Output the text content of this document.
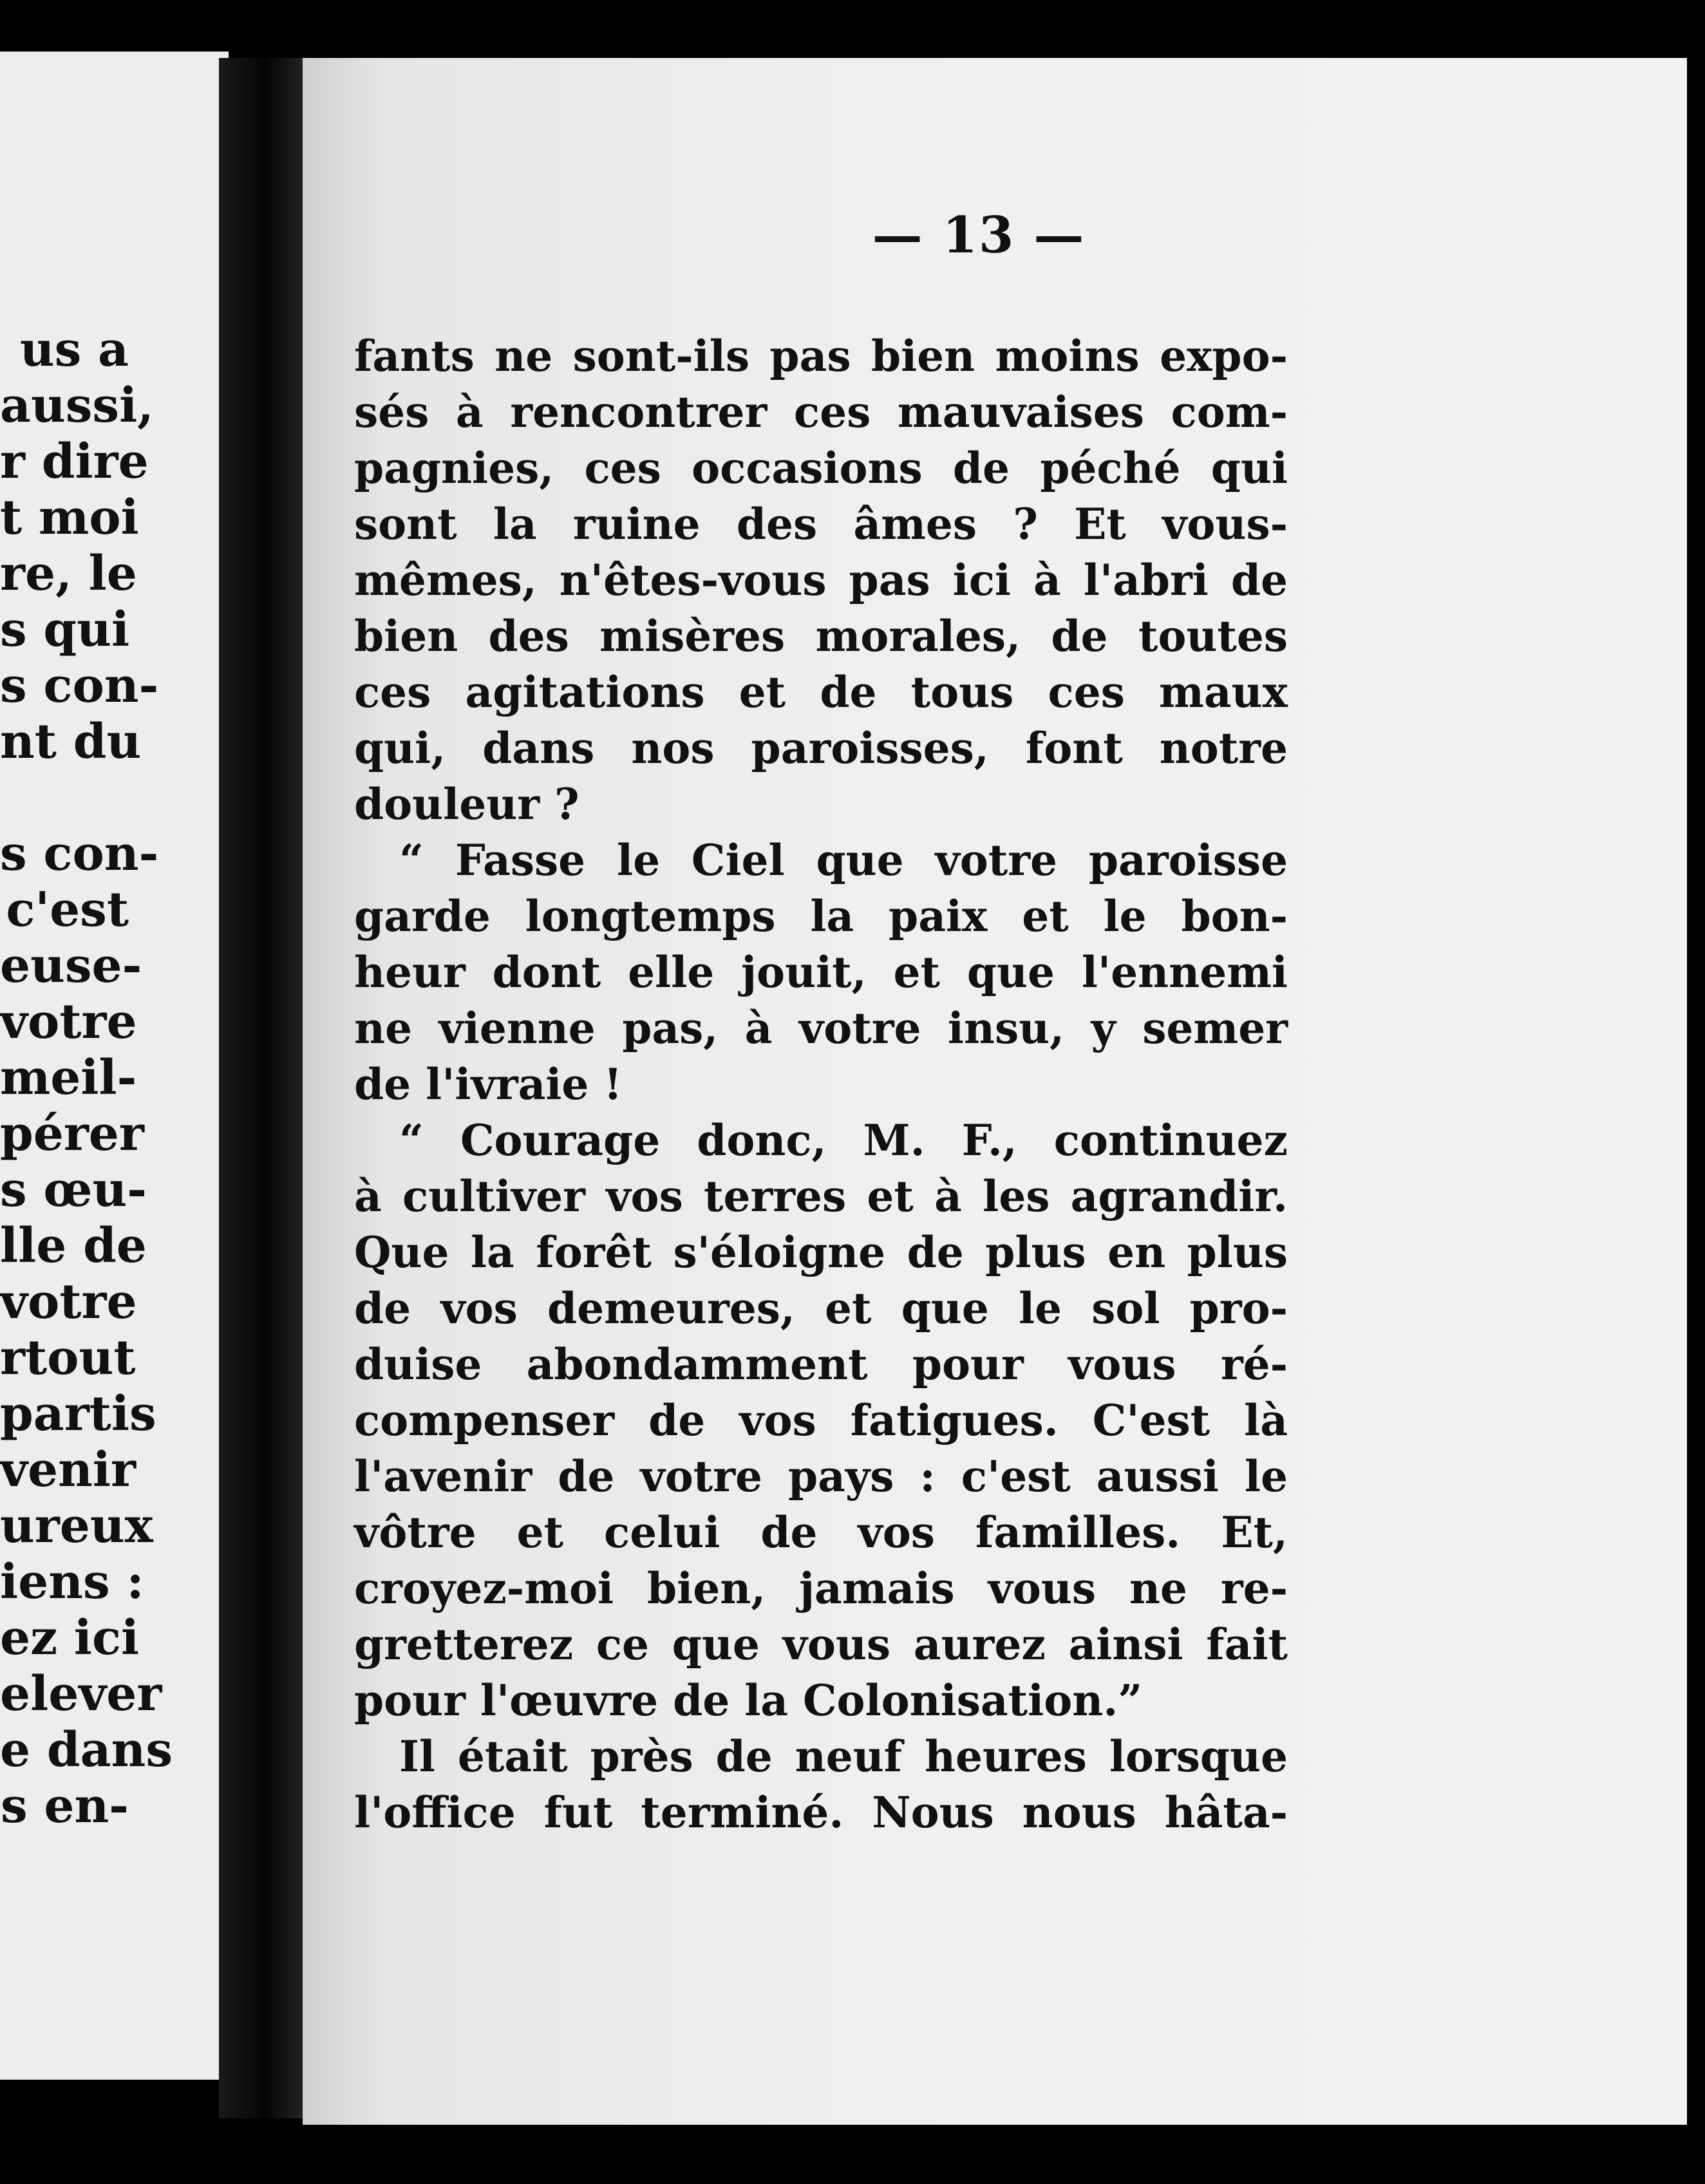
us a
aussi,
r dire
t moi
re, le
s qui
s con-
nt du
s con-
c'est
euse-
votre
meil-
pérer
s œu-
lle de
votre
rtout
partis
venir
ureux
iens :
ez ici
elever
e dans
s en-
— 13 —
fants ne sont-ils pas bien moins expo-
sés à rencontrer ces mauvaises com-
pagnies, ces occasions de péché qui
sont la ruine des âmes ? Et vous-
mêmes, n'êtes-vous pas ici à l'abri de
bien des misères morales, de toutes
ces agitations et de tous ces maux
qui, dans nos paroisses, font notre
douleur ?
“ Fasse le Ciel que votre paroisse
garde longtemps la paix et le bon-
heur dont elle jouit, et que l'ennemi
ne vienne pas, à votre insu, y semer
de l'ivraie !
“ Courage donc, M. F., continuez
à cultiver vos terres et à les agrandir.
Que la forêt s'éloigne de plus en plus
de vos demeures, et que le sol pro-
duise abondamment pour vous ré-
compenser de vos fatigues. C'est là
l'avenir de votre pays : c'est aussi le
vôtre et celui de vos familles. Et,
croyez-moi bien, jamais vous ne re-
gretterez ce que vous aurez ainsi fait
pour l'œuvre de la Colonisation.”
Il était près de neuf heures lorsque
l'office fut terminé. Nous nous hâta-
